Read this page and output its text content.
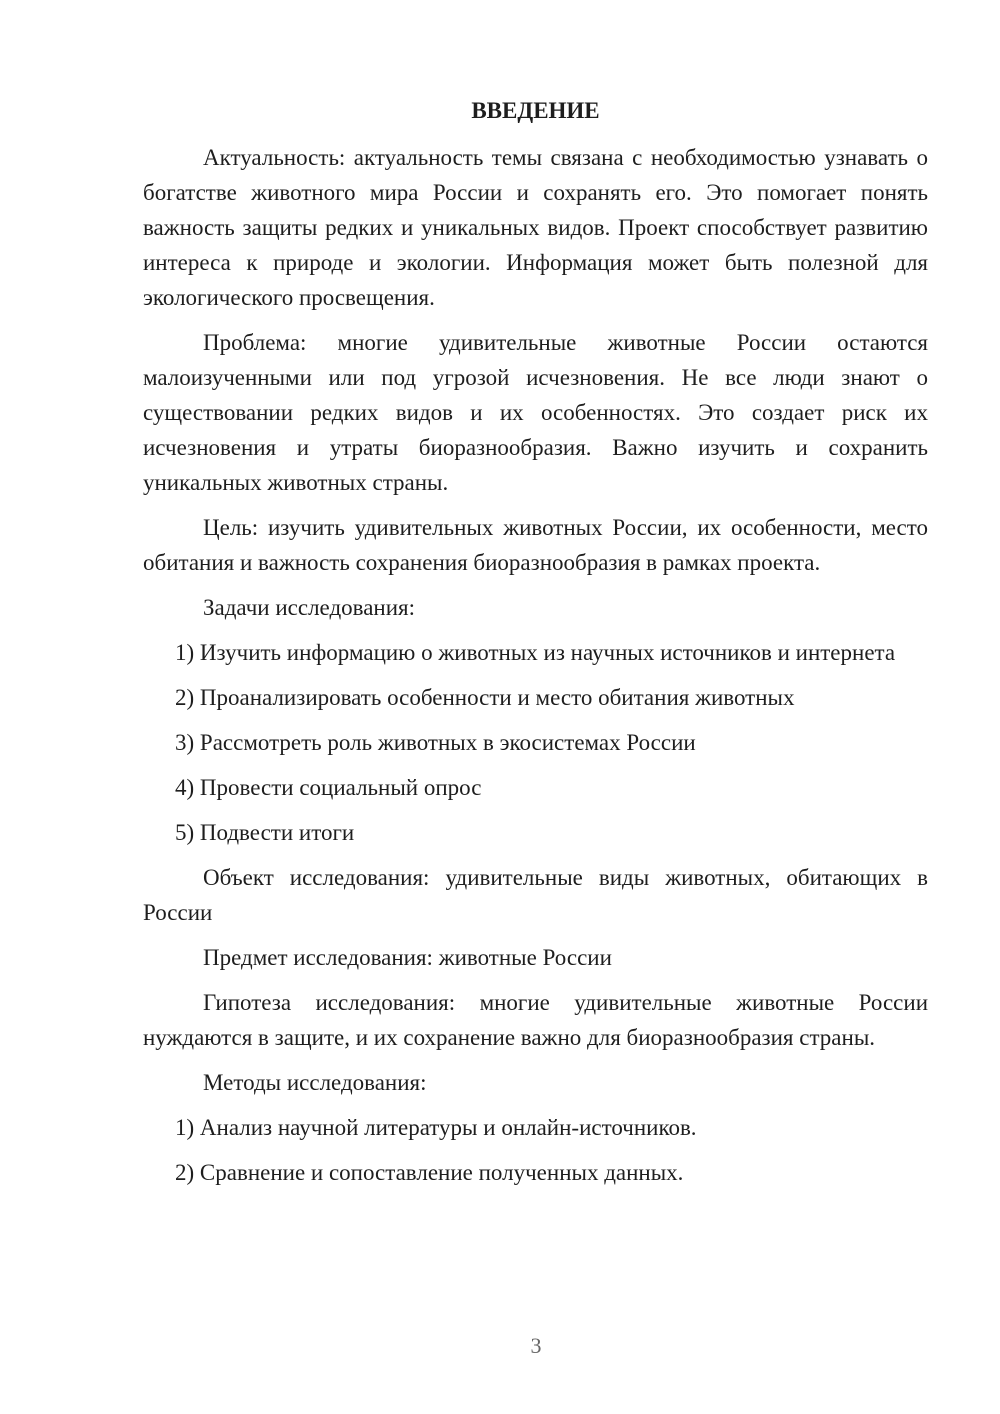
ВВЕДЕНИЕ

Актуальность: актуальность темы связана с необходимостью узнавать о богатстве животного мира России и сохранять его. Это помогает понять важность защиты редких и уникальных видов. Проект способствует развитию интереса к природе и экологии. Информация может быть полезной для экологического просвещения.

Проблема: многие удивительные животные России остаются малоизученными или под угрозой исчезновения. Не все люди знают о существовании редких видов и их особенностях. Это создает риск их исчезновения и утраты биоразнообразия. Важно изучить и сохранить уникальных животных страны.

Цель: изучить удивительных животных России, их особенности, место обитания и важность сохранения биоразнообразия в рамках проекта.

Задачи исследования:

1) Изучить информацию о животных из научных источников и интернета

2) Проанализировать особенности и место обитания животных

3) Рассмотреть роль животных в экосистемах России

4) Провести социальный опрос

5) Подвести итоги

Объект исследования: удивительные виды животных, обитающих в России

Предмет исследования: животные России

Гипотеза исследования: многие удивительные животные России нуждаются в защите, и их сохранение важно для биоразнообразия страны.

Методы исследования:

1) Анализ научной литературы и онлайн-источников.

2) Сравнение и сопоставление полученных данных.

3
